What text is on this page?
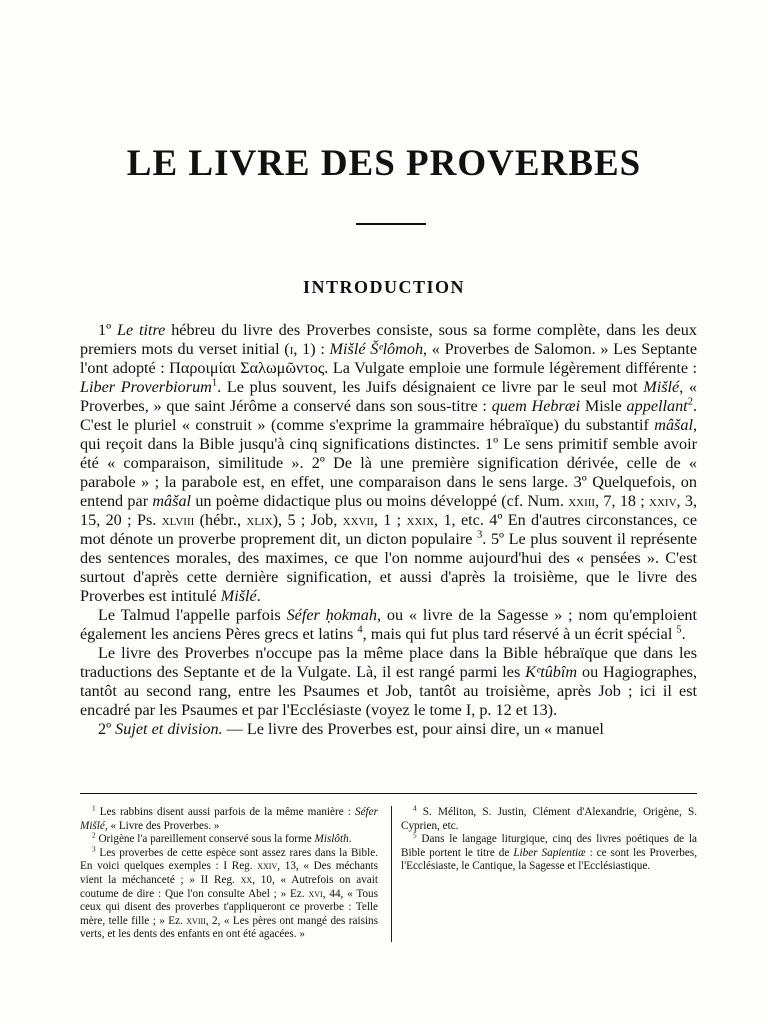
LE LIVRE DES PROVERBES
INTRODUCTION

1º Le titre hébreu du livre des Proverbes consiste, sous sa forme complète, dans les deux premiers mots du verset initial (i, 1) : Mišlé Šᵉlômoh, « Proverbes de Salomon. » Les Septante l'ont adopté : Παροιμίαι Σαλωμῶντος. La Vulgate emploie une formule légèrement différente : Liber Proverbiorum$^1$. Le plus souvent, les Juifs désignaient ce livre par le seul mot Mišlé, « Proverbes, » que saint Jérôme a conservé dans son sous-titre : quem Hebræi Misle appellant$^2$. C'est le pluriel « construit » (comme s'exprime la grammaire hébraïque) du substantif mâšal, qui reçoit dans la Bible jusqu'à cinq significations distinctes. 1º Le sens primitif semble avoir été « comparaison, similitude ». 2º De là une première signification dérivée, celle de « parabole » ; la parabole est, en effet, une comparaison dans le sens large. 3º Quelquefois, on entend par mâšal un poème didactique plus ou moins développé (cf. Num. xxiii, 7, 18 ; xxiv, 3, 15, 20 ; Ps. xlviii (hébr., xlix), 5 ; Job, xxvii, 1 ; xxix, 1, etc. 4º En d'autres circonstances, ce mot dénote un proverbe proprement dit, un dicton populaire $^3$. 5º Le plus souvent il représente des sentences morales, des maximes, ce que l'on nomme aujourd'hui des « pensées ». C'est surtout d'après cette dernière signification, et aussi d'après la troisième, que le livre des Proverbes est intitulé Mišlé.

Le Talmud l'appelle parfois Séfer ḥokmah, ou « livre de la Sagesse » ; nom qu'emploient également les anciens Pères grecs et latins $^4$, mais qui fut plus tard réservé à un écrit spécial $^5$.

Le livre des Proverbes n'occupe pas la même place dans la Bible hébraïque que dans les traductions des Septante et de la Vulgate. Là, il est rangé parmi les Kᵉtûbîm ou Hagiographes, tantôt au second rang, entre les Psaumes et Job, tantôt au troisième, après Job ; ici il est encadré par les Psaumes et par l'Ecclésiaste (voyez le tome I, p. 12 et 13).

2º Sujet et division. — Le livre des Proverbes est, pour ainsi dire, un « manuel

$^1$ Les rabbins disent aussi parfois de la même manière : Séfer Mišlé, « Livre des Proverbes. »

$^2$ Origène l'a pareillement conservé sous la forme Mislôth.

$^3$ Les proverbes de cette espèce sont assez rares dans la Bible. En voici quelques exemples : I Reg. xxiv, 13, « Des méchants vient la méchanceté ; » II Reg. xx, 10, « Autrefois on avait coutume de dire : Que l'on consulte Abel ; » Ez. xvi, 44, « Tous ceux qui disent des proverbes t'appliqueront ce proverbe : Telle mère, telle fille ; » Ez. xviii, 2, « Les pères ont mangé des raisins verts, et les dents des enfants en ont été agacées. »

$^4$ S. Méliton, S. Justin, Clément d'Alexandrie, Origène, S. Cyprien, etc.

$^5$ Dans le langage liturgique, cinq des livres poétiques de la Bible portent le titre de Liber Sapientiæ : ce sont les Proverbes, l'Ecclésiaste, le Cantique, la Sagesse et l'Ecclésiastique.
